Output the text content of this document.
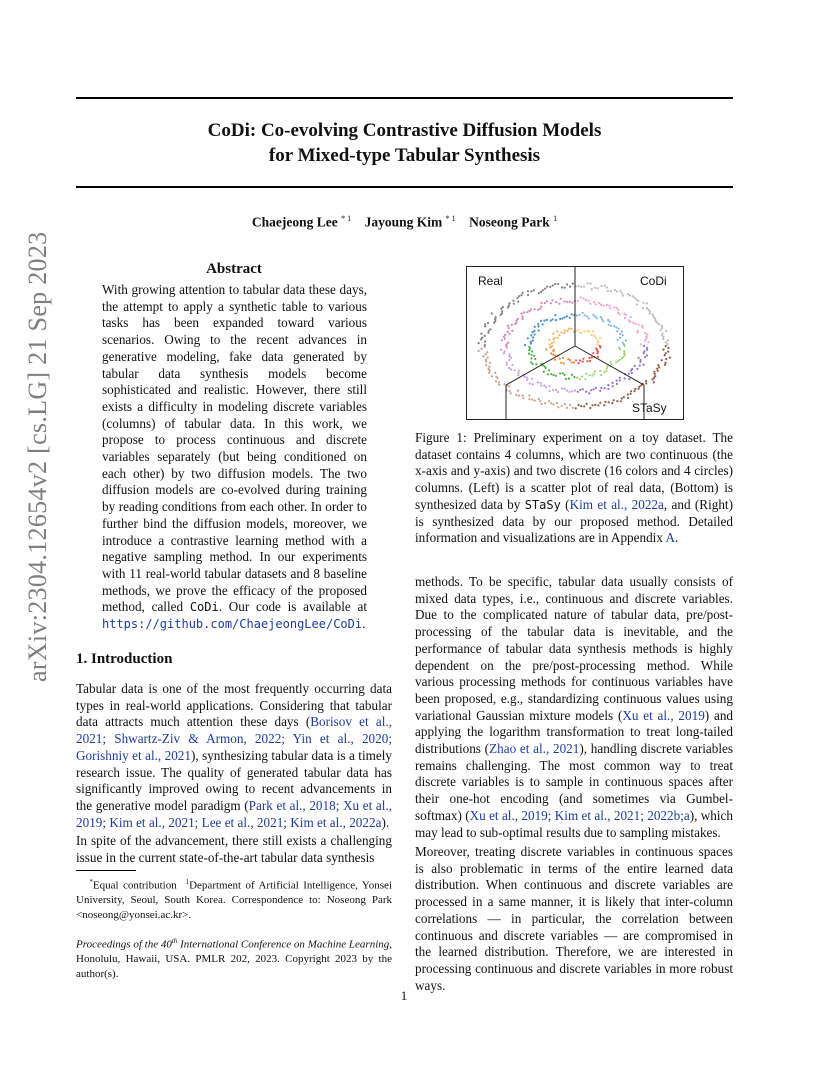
arXiv:2304.12654v2 [cs.LG] 21 Sep 2023
CoDi: Co-evolving Contrastive Diffusion Models
for Mixed-type Tabular Synthesis
Chaejeong Lee $^{* 1}$ Jayoung Kim $^{* 1}$ Noseong Park $^1$
Abstract

With growing attention to tabular data these days, the attempt to apply a synthetic table to various tasks has been expanded toward various scenarios. Owing to the recent advances in generative modeling, fake data generated by tabular data synthesis models become sophisticated and realistic. However, there still exists a difficulty in modeling discrete variables (columns) of tabular data. In this work, we propose to process continuous and discrete variables separately (but being conditioned on each other) by two diffusion models. The two diffusion models are co-evolved during training by reading conditions from each other. In order to further bind the diffusion models, moreover, we introduce a contrastive learning method with a negative sampling method. In our experiments with 11 real-world tabular datasets and 8 baseline methods, we prove the efficacy of the proposed method, called CoDi. Our code is available at https://github.com/ChaejeongLee/CoDi.

1. Introduction

Tabular data is one of the most frequently occurring data types in real-world applications. Considering that tabular data attracts much attention these days (Borisov et al., 2021; Shwartz-Ziv & Armon, 2022; Yin et al., 2020; Gorishniy et al., 2021), synthesizing tabular data is a timely research issue. The quality of generated tabular data has significantly improved owing to recent advancements in the generative model paradigm (Park et al., 2018; Xu et al., 2019; Kim et al., 2021; Lee et al., 2021; Kim et al., 2022a).

In spite of the advancement, there still exists a challenging issue in the current state-of-the-art tabular data synthesis

*Equal contribution $^1$Department of Artificial Intelligence, Yonsei University, Seoul, South Korea. Correspondence to: Noseong Park <noseong@yonsei.ac.kr>.

Proceedings of the 40th International Conference on Machine Learning, Honolulu, Hawaii, USA. PMLR 202, 2023. Copyright 2023 by the author(s).

Real	CoDi
STaSy

Figure 1: Preliminary experiment on a toy dataset. The dataset contains 4 columns, which are two continuous (the x-axis and y-axis) and two discrete (16 colors and 4 circles) columns. (Left) is a scatter plot of real data, (Bottom) is synthesized data by STaSy (Kim et al., 2022a, and (Right) is synthesized data by our proposed method. Detailed information and visualizations are in Appendix A.

methods. To be specific, tabular data usually consists of mixed data types, i.e., continuous and discrete variables. Due to the complicated nature of tabular data, pre/post-processing of the tabular data is inevitable, and the performance of tabular data synthesis methods is highly dependent on the pre/post-processing method. While various processing methods for continuous variables have been proposed, e.g., standardizing continuous values using variational Gaussian mixture models (Xu et al., 2019) and applying the logarithm transformation to treat long-tailed distributions (Zhao et al., 2021), handling discrete variables remains challenging. The most common way to treat discrete variables is to sample in continuous spaces after their one-hot encoding (and sometimes via Gumbel-softmax) (Xu et al., 2019; Kim et al., 2021; 2022b;a), which may lead to sub-optimal results due to sampling mistakes.

Moreover, treating discrete variables in continuous spaces is also problematic in terms of the entire learned data distribution. When continuous and discrete variables are processed in a same manner, it is likely that inter-column correlations — in particular, the correlation between continuous and discrete variables — are compromised in the learned distribution. Therefore, we are interested in processing continuous and discrete variables in more robust ways.

1
